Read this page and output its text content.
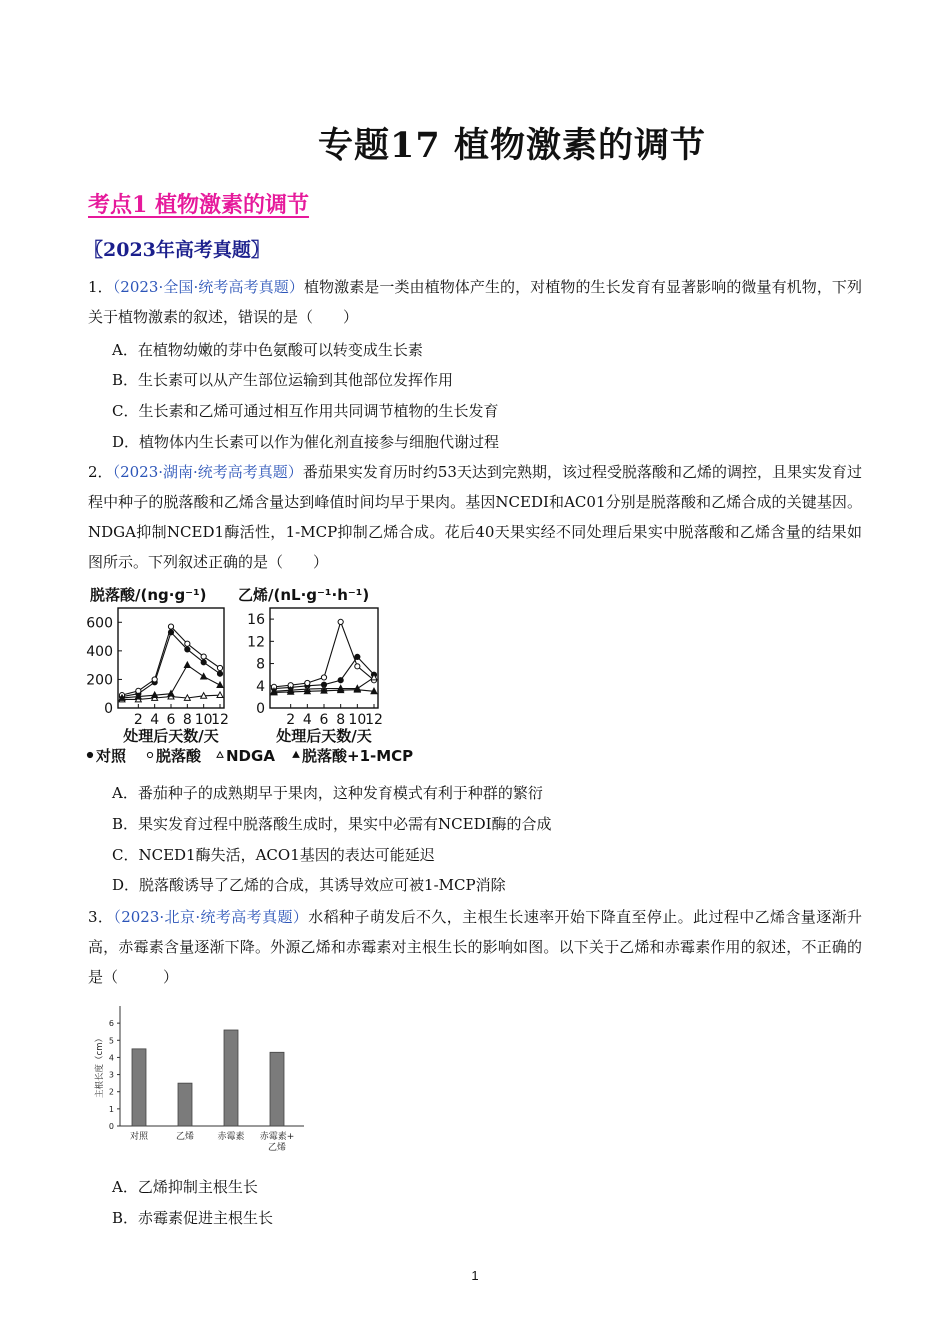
专题17 植物激素的调节
考点1 植物激素的调节
〖2023年高考真题〗
1．（2023·全国·统考高考真题）植物激素是一类由植物体产生的，对植物的生长发育有显著影响的微量有机物，下列关于植物激素的叙述，错误的是（　　）
A．在植物幼嫩的芽中色氨酸可以转变成生长素
B．生长素可以从产生部位运输到其他部位发挥作用
C．生长素和乙烯可通过相互作用共同调节植物的生长发育
D．植物体内生长素可以作为催化剂直接参与细胞代谢过程
2．（2023·湖南·统考高考真题）番茄果实发育历时约53天达到完熟期，该过程受脱落酸和乙烯的调控，且果实发育过程中种子的脱落酸和乙烯含量达到峰值时间均早于果肉。基因NCEDI和AC01分别是脱落酸和乙烯合成的关键基因。NDGA抑制NCED1酶活性，1-MCP抑制乙烯合成。花后40天果实经不同处理后果实中脱落酸和乙烯含量的结果如图所示。下列叙述正确的是（　　）
脱落酸/(ng·g⁻¹)
0
200
400
600
2 4 6 8 10
12
处理后天数/天
乙烯/(nL·g⁻¹·h⁻¹)
0
4
8
12
16
2 4 6 8 10
12
处理后天数/天
对照 脱落酸 NDGA 脱落酸+1-MCP
A．番茄种子的成熟期早于果肉，这种发育模式有利于种群的繁衍
B．果实发育过程中脱落酸生成时，果实中必需有NCEDI酶的合成
C．NCED1酶失活，ACO1基因的表达可能延迟
D．脱落酸诱导了乙烯的合成，其诱导效应可被1-MCP消除
3．（2023·北京·统考高考真题）水稻种子萌发后不久，主根生长速率开始下降直至停止。此过程中乙烯含量逐渐升高，赤霉素含量逐渐下降。外源乙烯和赤霉素对主根生长的影响如图。以下关于乙烯和赤霉素作用的叙述，不正确的是（　　　）
0
1
2
3
4
5
6
主根长度（cm）
对照	乙烯	赤霉素 赤霉素+
乙烯
A．乙烯抑制主根生长
B．赤霉素促进主根生长
1
